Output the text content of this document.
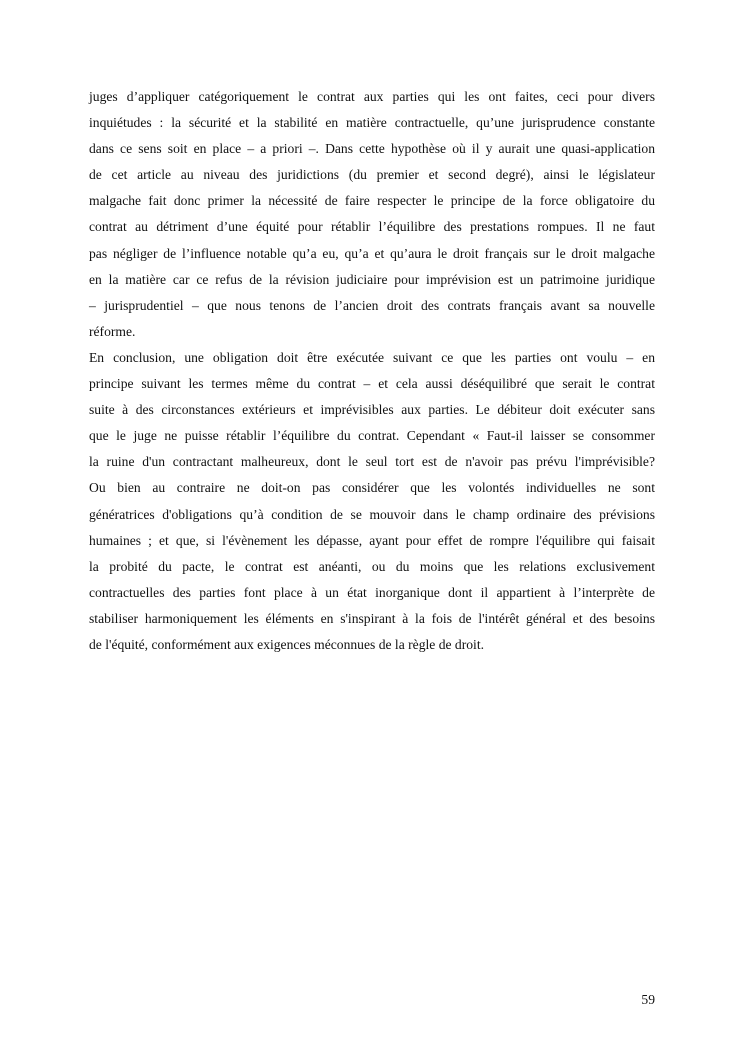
juges d’appliquer catégoriquement le contrat aux parties qui les ont faites, ceci pour divers
inquiétudes : la sécurité et la stabilité en matière contractuelle, qu’une jurisprudence constante
dans ce sens soit en place – a priori –. Dans cette hypothèse où il y aurait une quasi-application
de cet article au niveau des juridictions (du premier et second degré), ainsi le législateur
malgache fait donc primer la nécessité de faire respecter le principe de la force obligatoire du
contrat au détriment d’une équité pour rétablir l’équilibre des prestations rompues. Il ne faut
pas négliger de l’influence notable qu’a eu, qu’a et qu’aura le droit français sur le droit malgache
en la matière car ce refus de la révision judiciaire pour imprévision est un patrimoine juridique
– jurisprudentiel – que nous tenons de l’ancien droit des contrats français avant sa nouvelle
réforme.
En conclusion, une obligation doit être exécutée suivant ce que les parties ont voulu – en
principe suivant les termes même du contrat – et cela aussi déséquilibré que serait le contrat
suite à des circonstances extérieurs et imprévisibles aux parties. Le débiteur doit exécuter sans
que le juge ne puisse rétablir l’équilibre du contrat. Cependant « Faut-il laisser se consommer
la ruine d'un contractant malheureux, dont le seul tort est de n'avoir pas prévu l'imprévisible?
Ou bien au contraire ne doit-on pas considérer que les volontés individuelles ne sont
génératrices d'obligations qu’à condition de se mouvoir dans le champ ordinaire des prévisions
humaines ; et que, si l'évènement les dépasse, ayant pour effet de rompre l'équilibre qui faisait
la probité du pacte, le contrat est anéanti, ou du moins que les relations exclusivement
contractuelles des parties font place à un état inorganique dont il appartient à l’interprète de
stabiliser harmoniquement les éléments en s'inspirant à la fois de l'intérêt général et des besoins
de l'équité, conformément aux exigences méconnues de la règle de droit.
59
